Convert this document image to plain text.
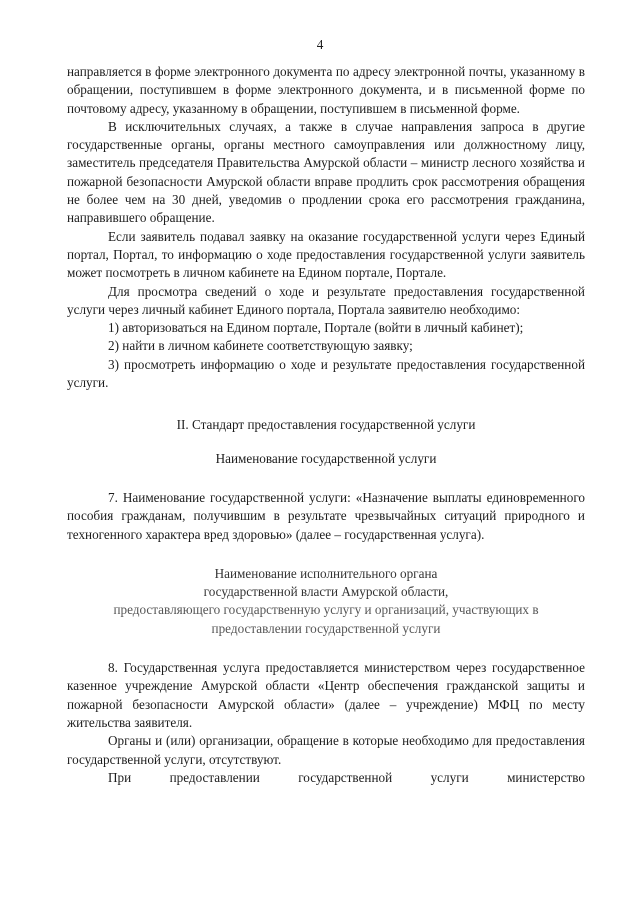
4

направляется в форме электронного документа по адресу электронной почты, указанному в обращении, поступившем в форме электронного документа, и в письменной форме по почтовому адресу, указанному в обращении, поступившем в письменной форме.

В исключительных случаях, а также в случае направления запроса в другие государственные органы, органы местного самоуправления или должностному лицу, заместитель председателя Правительства Амурской области – министр лесного хозяйства и пожарной безопасности Амурской области вправе продлить срок рассмотрения обращения не более чем на 30 дней, уведомив о продлении срока его рассмотрения гражданина, направившего обращение.

Если заявитель подавал заявку на оказание государственной услуги через Единый портал, Портал, то информацию о ходе предоставления государственной услуги заявитель может посмотреть в личном кабинете на Едином портале, Портале.

Для просмотра сведений о ходе и результате предоставления государственной услуги через личный кабинет Единого портала, Портала заявителю необходимо:

1) авторизоваться на Едином портале, Портале (войти в личный кабинет);

2) найти в личном кабинете соответствующую заявку;

3) просмотреть информацию о ходе и результате предоставления государственной услуги.

II. Стандарт предоставления государственной услуги

Наименование государственной услуги

7. Наименование государственной услуги: «Назначение выплаты единовременного пособия гражданам, получившим в результате чрезвычайных ситуаций природного и техногенного характера вред здоровью» (далее – государственная услуга).

Наименование исполнительного органа

государственной власти Амурской области,

предоставляющего государственную услугу и организаций, участвующих в

предоставлении государственной услуги

8. Государственная услуга предоставляется министерством через государственное казенное учреждение Амурской области «Центр обеспечения гражданской защиты и пожарной безопасности Амурской области» (далее – учреждение) МФЦ по месту жительства заявителя.

Органы и (или) организации, обращение в которые необходимо для предоставления государственной услуги, отсутствуют.

При предоставлении государственной услуги министерство
